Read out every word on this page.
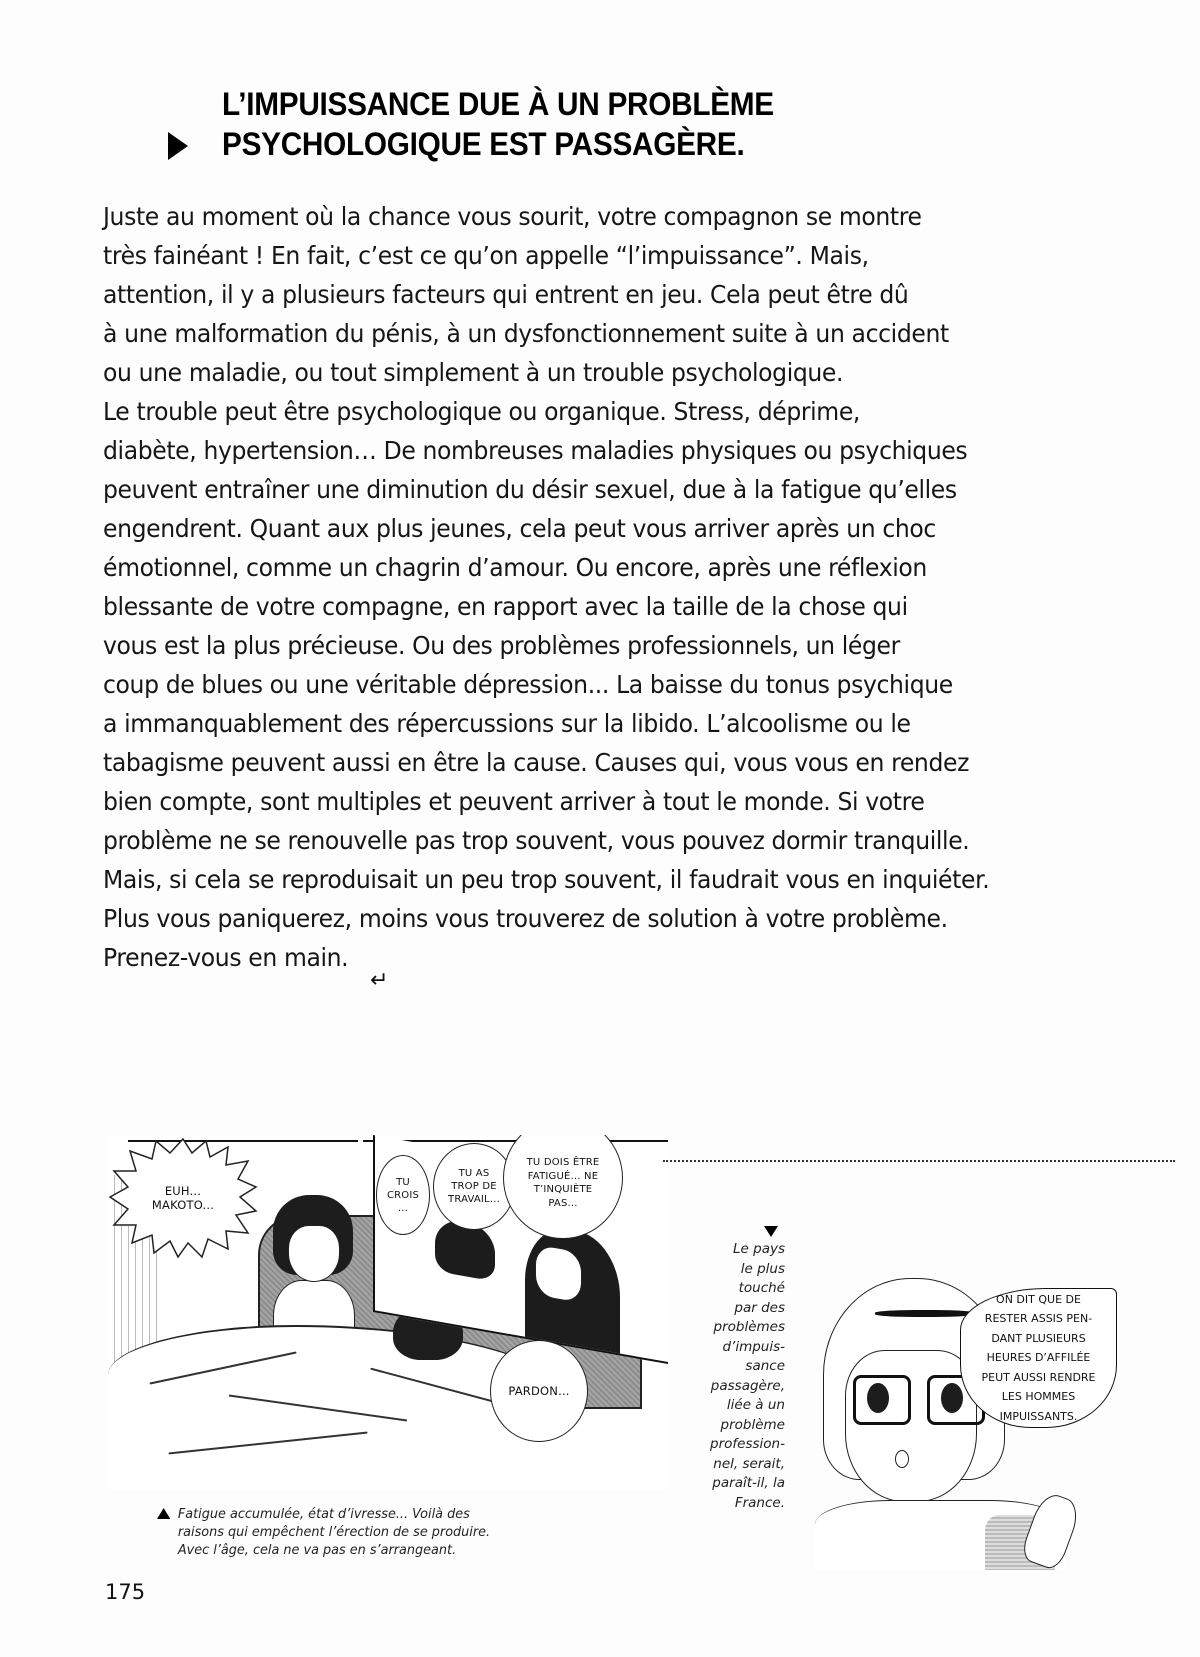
L’IMPUISSANCE DUE À UN PROBLÈME
PSYCHOLOGIQUE EST PASSAGÈRE.
Juste au moment où la chance vous sourit, votre compagnon se montre
très fainéant ! En fait, c’est ce qu’on appelle “l’impuissance”. Mais,
attention, il y a plusieurs facteurs qui entrent en jeu. Cela peut être dû
à une malformation du pénis, à un dysfonctionnement suite à un accident
ou une maladie, ou tout simplement à un trouble psychologique.
Le trouble peut être psychologique ou organique. Stress, déprime,
diabète, hypertension… De nombreuses maladies physiques ou psychiques
peuvent entraîner une diminution du désir sexuel, due à la fatigue qu’elles
engendrent. Quant aux plus jeunes, cela peut vous arriver après un choc
émotionnel, comme un chagrin d’amour. Ou encore, après une réflexion
blessante de votre compagne, en rapport avec la taille de la chose qui
vous est la plus précieuse. Ou des problèmes professionnels, un léger
coup de blues ou une véritable dépression... La baisse du tonus psychique
a immanquablement des répercussions sur la libido. L’alcoolisme ou le
tabagisme peuvent aussi en être la cause. Causes qui, vous vous en rendez
bien compte, sont multiples et peuvent arriver à tout le monde. Si votre
problème ne se renouvelle pas trop souvent, vous pouvez dormir tranquille.
Mais, si cela se reproduisait un peu trop souvent, il faudrait vous en inquiéter.
Plus vous paniquerez, moins vous trouverez de solution à votre problème.
Prenez-vous en main.
↵
EUH...
MAKOTO...
TU
CROIS
...
TU AS
TROP DE
TRAVAIL...
TU DOIS ÊTRE
FATIGUÉ... NE
T’INQUIÈTE
PAS...
PARDON...
Fatigue accumulée, état d’ivresse... Voilà des
raisons qui empêchent l’érection de se produire.
Avec l’âge, cela ne va pas en s’arrangeant.
Le pays
le plus
touché
par des
problèmes
d’impuis-
sance
passagère,
liée à un
problème
profession-
nel, serait,
paraît-il, la
France.
ON DIT QUE DE
RESTER ASSIS PEN-
DANT PLUSIEURS
HEURES D’AFFILÉE
PEUT AUSSI RENDRE
LES HOMMES
IMPUISSANTS.
175
